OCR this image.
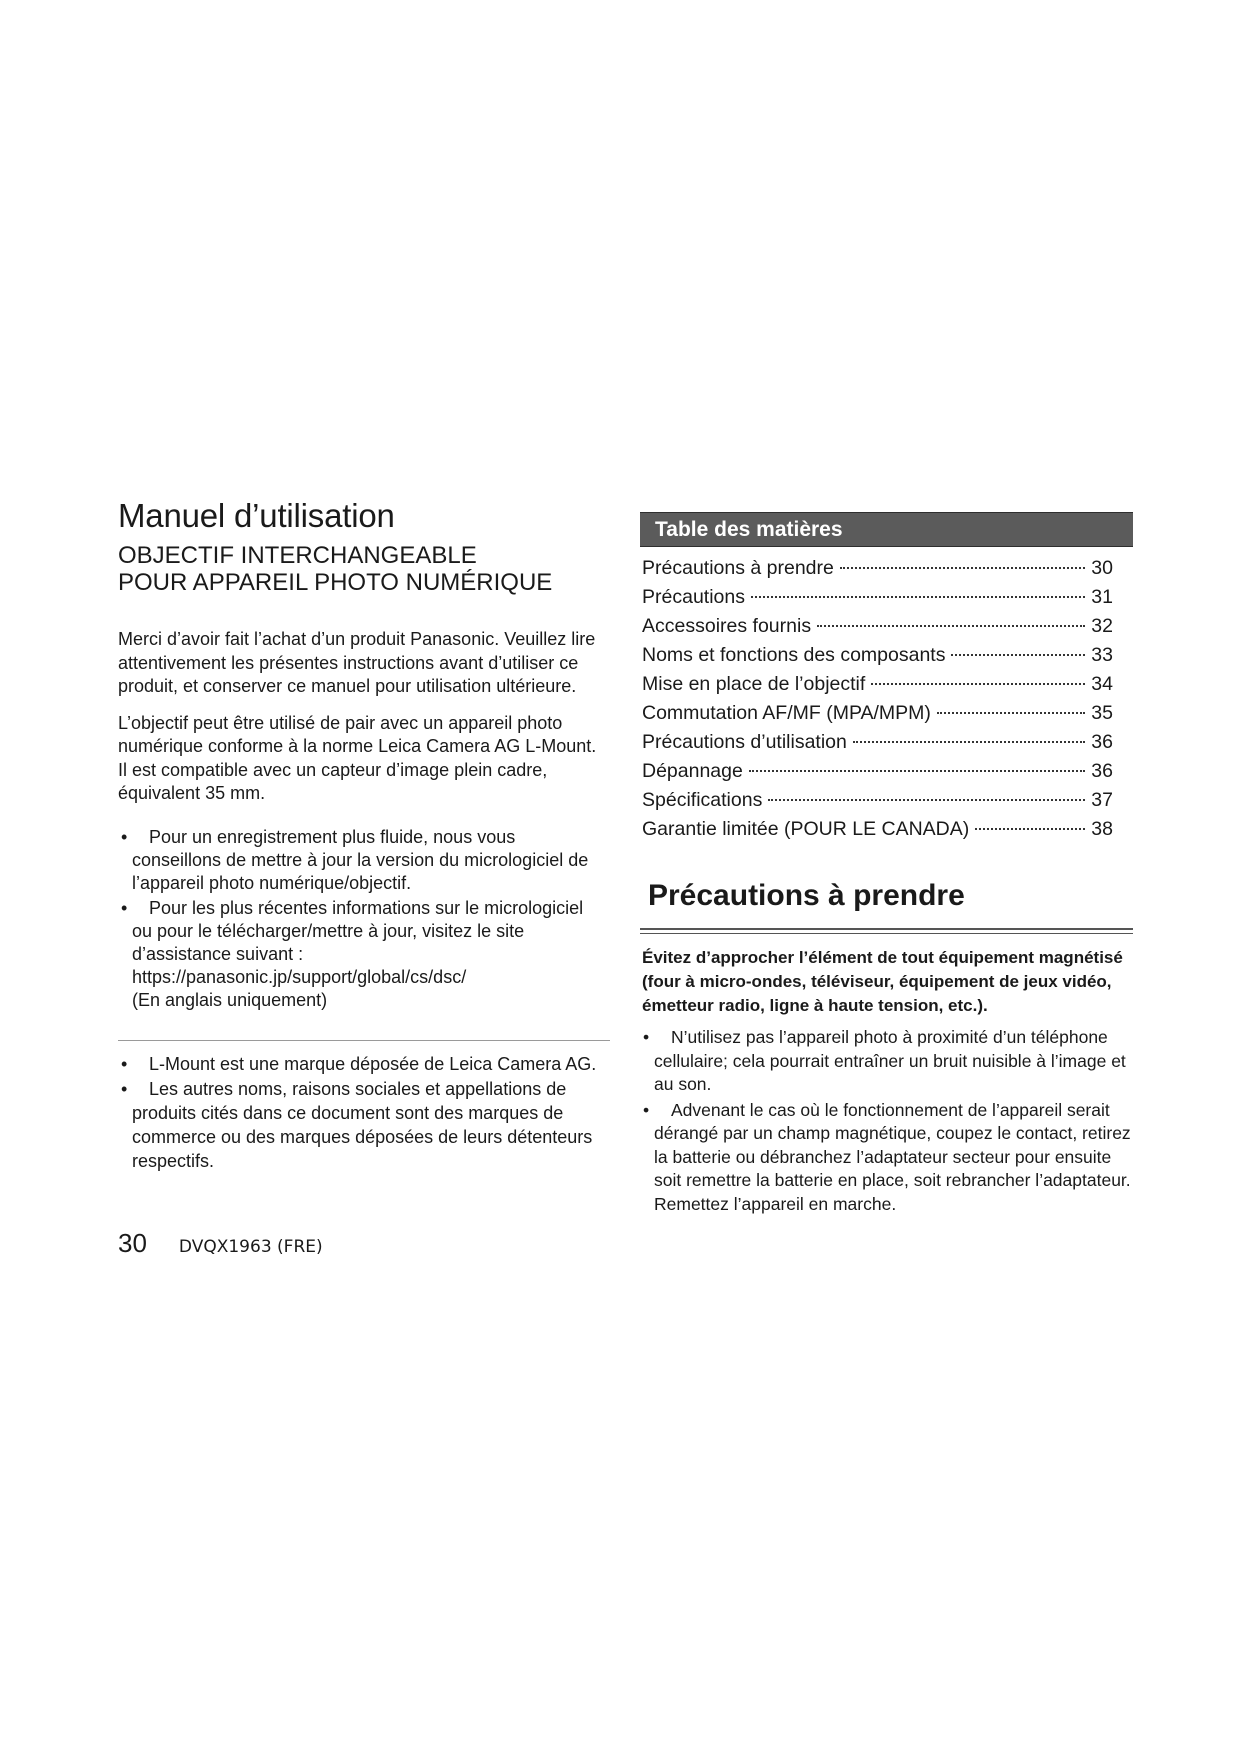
Manuel d’utilisation
OBJECTIF INTERCHANGEABLE
POUR APPAREIL PHOTO NUMÉRIQUE

Merci d’avoir fait l’achat d’un produit Panasonic. Veuillez lire attentivement les présentes instructions avant d’utiliser ce produit, et conserver ce manuel pour utilisation ultérieure.

L’objectif peut être utilisé de pair avec un appareil photo numérique conforme à la norme Leica Camera AG L-Mount. Il est compatible avec un capteur d’image plein cadre, équivalent 35 mm.

• Pour un enregistrement plus fluide, nous vous conseillons de mettre à jour la version du micrologiciel de l’appareil photo numérique/objectif.
• Pour les plus récentes informations sur le micrologiciel ou pour le télécharger/mettre à jour, visitez le site d’assistance suivant :
https://panasonic.jp/support/global/cs/dsc/
(En anglais uniquement)
• L-Mount est une marque déposée de Leica Camera AG.
• Les autres noms, raisons sociales et appellations de produits cités dans ce document sont des marques de commerce ou des marques déposées de leurs détenteurs respectifs.
Table des matières
Précautions à prendre	30
Précautions	31
Accessoires fournis	32
Noms et fonctions des composants	33
Mise en place de l’objectif	34
Commutation AF/MF (MPA/MPM)	35
Précautions d’utilisation	36
Dépannage	36
Spécifications	37
Garantie limitée (POUR LE CANADA)	38
Précautions à prendre
Évitez d’approcher l’élément de tout équipement magnétisé (four à micro-ondes, téléviseur, équipement de jeux vidéo, émetteur radio, ligne à haute tension, etc.).
• N’utilisez pas l’appareil photo à proximité d’un téléphone cellulaire; cela pourrait entraîner un bruit nuisible à l’image et au son.
• Advenant le cas où le fonctionnement de l’appareil serait dérangé par un champ magnétique, coupez le contact, retirez la batterie ou débranchez l’adaptateur secteur pour ensuite soit remettre la batterie en place, soit rebrancher l’adaptateur. Remettez l’appareil en marche.
30 DVQX1963 (FRE)
